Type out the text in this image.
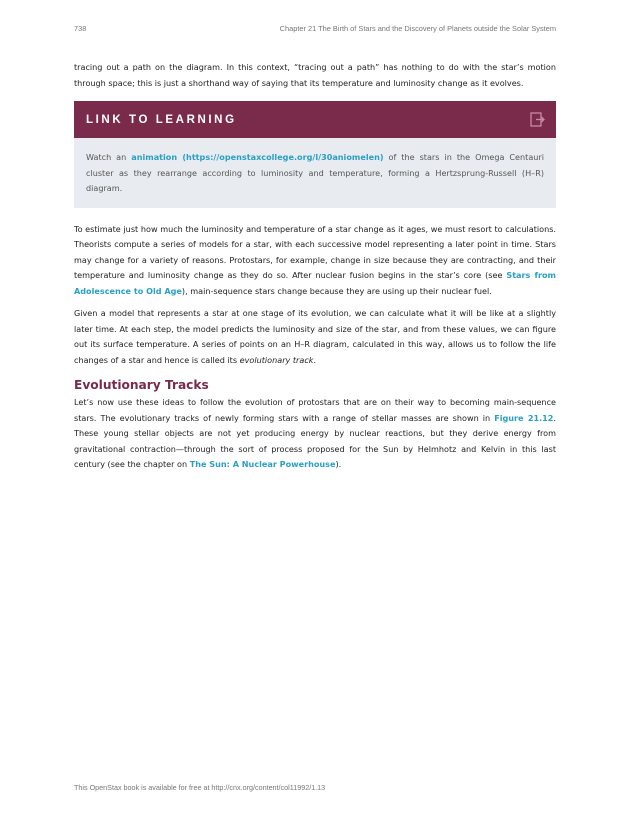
738	Chapter 21 The Birth of Stars and the Discovery of Planets outside the Solar System

tracing out a path on the diagram. In this context, “tracing out a path” has nothing to do with the star’s motion through space; this is just a shorthand way of saying that its temperature and luminosity change as it evolves.

LINK TO LEARNING

Watch an animation (https://openstaxcollege.org/l/30aniomelen) of the stars in the Omega Centauri cluster as they rearrange according to luminosity and temperature, forming a Hertzsprung-Russell (H–R) diagram.

To estimate just how much the luminosity and temperature of a star change as it ages, we must resort to calculations. Theorists compute a series of models for a star, with each successive model representing a later point in time. Stars may change for a variety of reasons. Protostars, for example, change in size because they are contracting, and their temperature and luminosity change as they do so. After nuclear fusion begins in the star’s core (see Stars from Adolescence to Old Age), main-sequence stars change because they are using up their nuclear fuel.

Given a model that represents a star at one stage of its evolution, we can calculate what it will be like at a slightly later time. At each step, the model predicts the luminosity and size of the star, and from these values, we can figure out its surface temperature. A series of points on an H–R diagram, calculated in this way, allows us to follow the life changes of a star and hence is called its evolutionary track.

Evolutionary Tracks

Let’s now use these ideas to follow the evolution of protostars that are on their way to becoming main-sequence stars. The evolutionary tracks of newly forming stars with a range of stellar masses are shown in Figure 21.12. These young stellar objects are not yet producing energy by nuclear reactions, but they derive energy from gravitational contraction—through the sort of process proposed for the Sun by Helmhotz and Kelvin in this last century (see the chapter on The Sun: A Nuclear Powerhouse).

This OpenStax book is available for free at http://cnx.org/content/col11992/1.13
